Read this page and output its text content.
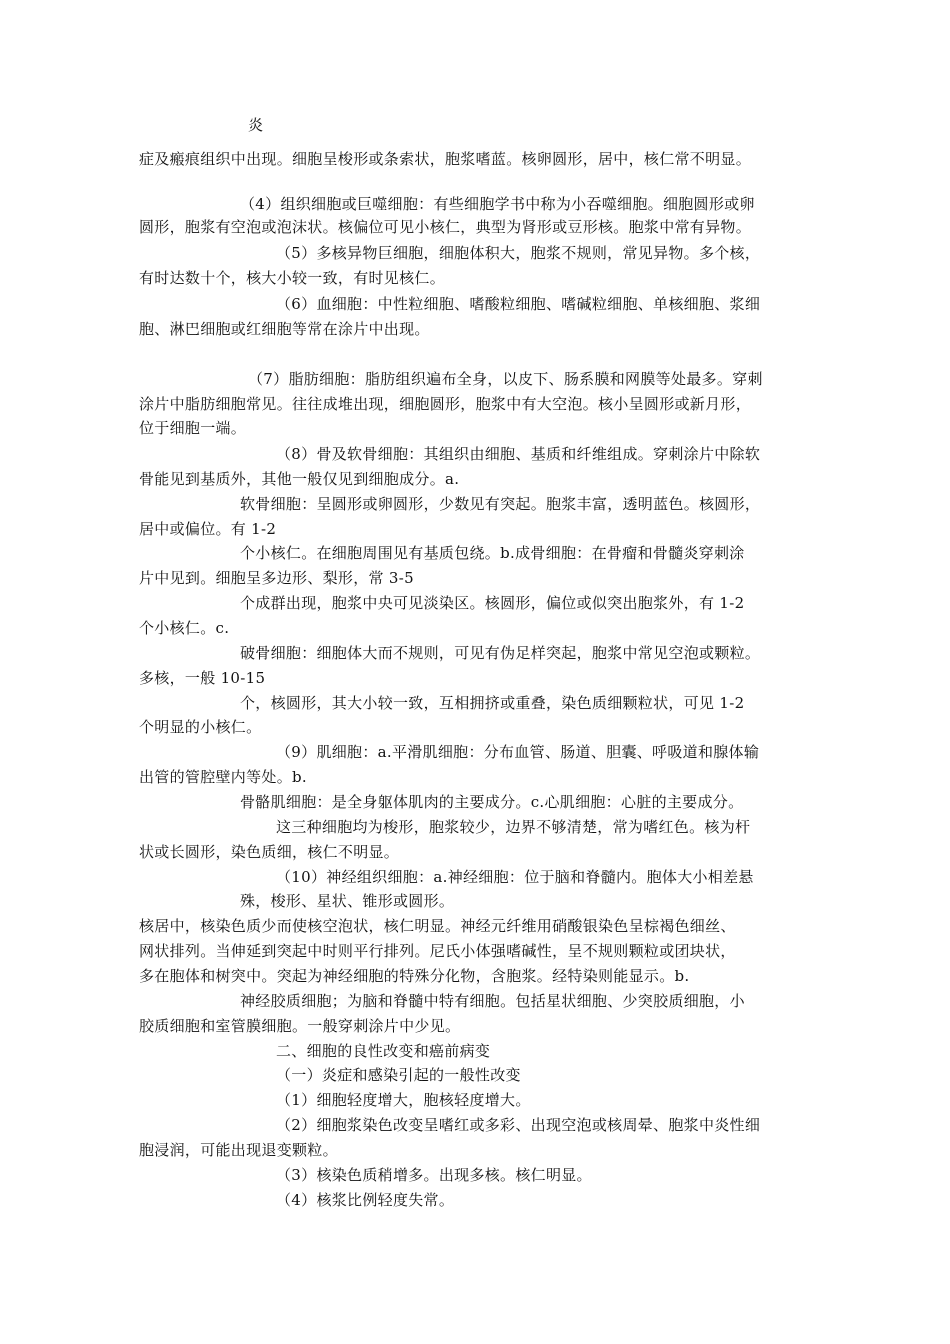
炎
症及瘢痕组织中出现。细胞呈梭形或条索状，胞浆嗜蓝。核卵圆形，居中，核仁常不明显。
（4）组织细胞或巨噬细胞：有些细胞学书中称为小吞噬细胞。细胞圆形或卵
圆形，胞浆有空泡或泡沫状。核偏位可见小核仁，典型为肾形或豆形核。胞浆中常有异物。
（5）多核异物巨细胞，细胞体积大，胞浆不规则，常见异物。多个核，
有时达数十个，核大小较一致，有时见核仁。
（6）血细胞：中性粒细胞、嗜酸粒细胞、嗜碱粒细胞、单核细胞、浆细
胞、淋巴细胞或红细胞等常在涂片中出现。
（7）脂肪细胞：脂肪组织遍布全身，以皮下、肠系膜和网膜等处最多。穿刺
涂片中脂肪细胞常见。往往成堆出现，细胞圆形，胞浆中有大空泡。核小呈圆形或新月形，
位于细胞一端。
（8）骨及软骨细胞：其组织由细胞、基质和纤维组成。穿刺涂片中除软
骨能见到基质外，其他一般仅见到细胞成分。a.
软骨细胞：呈圆形或卵圆形，少数见有突起。胞浆丰富，透明蓝色。核圆形，
居中或偏位。有 1-2
个小核仁。在细胞周围见有基质包绕。b.成骨细胞：在骨瘤和骨髓炎穿刺涂
片中见到。细胞呈多边形、梨形，常 3-5
个成群出现，胞浆中央可见淡染区。核圆形，偏位或似突出胞浆外，有 1-2
个小核仁。c.
破骨细胞：细胞体大而不规则，可见有伪足样突起，胞浆中常见空泡或颗粒。
多核，一般 10-15
个，核圆形，其大小较一致，互相拥挤或重叠，染色质细颗粒状，可见 1-2
个明显的小核仁。
（9）肌细胞：a.平滑肌细胞：分布血管、肠道、胆囊、呼吸道和腺体输
出管的管腔壁内等处。b.
骨骼肌细胞：是全身躯体肌肉的主要成分。c.心肌细胞：心脏的主要成分。
这三种细胞均为梭形，胞浆较少，边界不够清楚，常为嗜红色。核为杆
状或长圆形，染色质细，核仁不明显。
（10）神经组织细胞：a.神经细胞：位于脑和脊髓内。胞体大小相差悬
殊，梭形、星状、锥形或圆形。
核居中，核染色质少而使核空泡状，核仁明显。神经元纤维用硝酸银染色呈棕褐色细丝、
网状排列。当伸延到突起中时则平行排列。尼氏小体强嗜碱性，呈不规则颗粒或团块状，
多在胞体和树突中。突起为神经细胞的特殊分化物，含胞浆。经特染则能显示。b.
神经胶质细胞；为脑和脊髓中特有细胞。包括星状细胞、少突胶质细胞，小
胶质细胞和室管膜细胞。一般穿刺涂片中少见。
二、细胞的良性改变和癌前病变
（一）炎症和感染引起的一般性改变
（1）细胞轻度增大，胞核轻度增大。
（2）细胞浆染色改变呈嗜红或多彩、出现空泡或核周晕、胞浆中炎性细
胞浸润，可能出现退变颗粒。
（3）核染色质稍增多。出现多核。核仁明显。
（4）核浆比例轻度失常。
